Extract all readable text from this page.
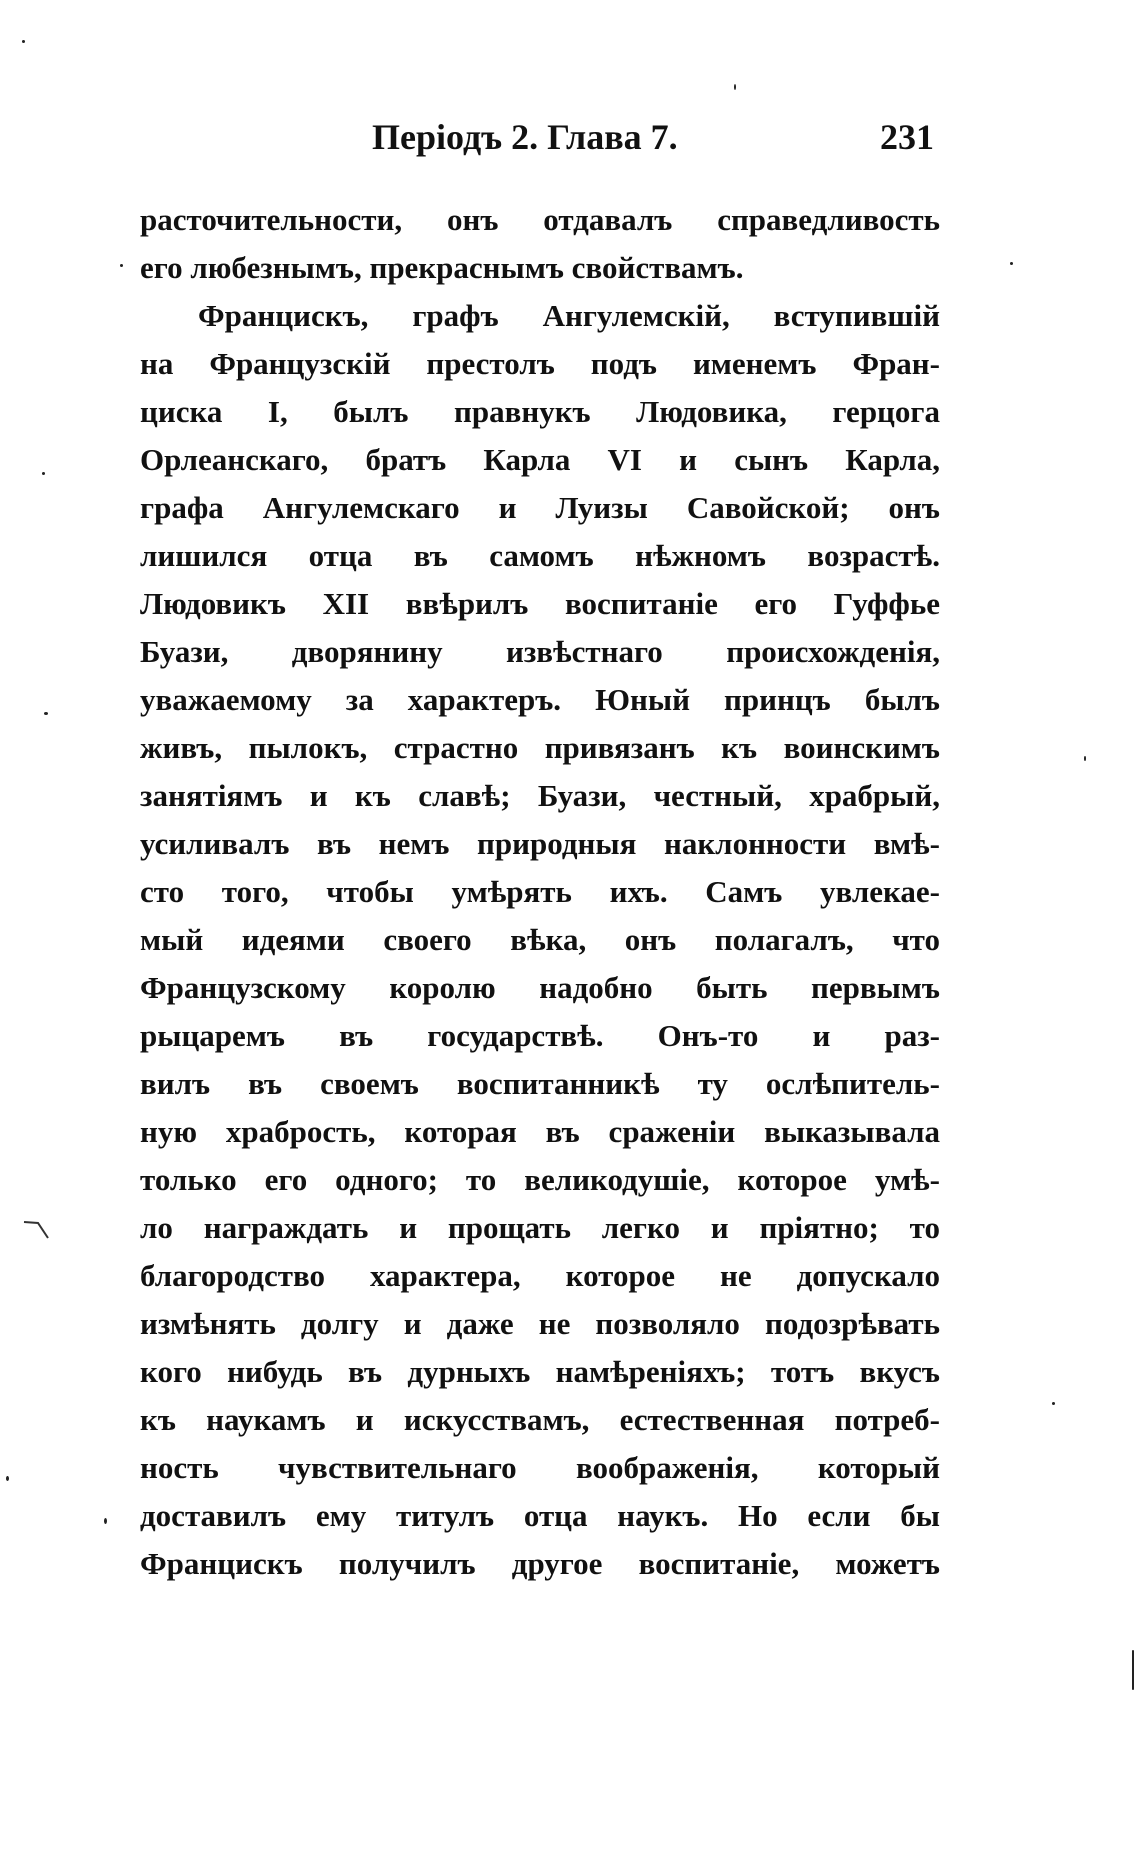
Періодъ 2. Глава 7.	231
расточительности, онъ отдавалъ справедливость
его любезнымъ, прекраснымъ свойствамъ.
Францискъ, графъ Ангулемскій, вступившій
на Французскій престолъ подъ именемъ Фран-
циска I, былъ правнукъ Людовика, герцога
Орлеанскаго, братъ Карла VI и сынъ Карла,
графа Ангулемскаго и Луизы Савойской; онъ
лишился отца въ самомъ нѣжномъ возрастѣ.
Людовикъ XII ввѣрилъ воспитаніе его Гуффье
Буази, дворянину извѣстнаго происхожденія,
уважаемому за характеръ. Юный принцъ былъ
живъ, пылокъ, страстно привязанъ къ воинскимъ
занятіямъ и къ славѣ; Буази, честный, храбрый,
усиливалъ въ немъ природныя наклонности вмѣ-
сто того, чтобы умѣрять ихъ. Самъ увлекае-
мый идеями своего вѣка, онъ полагалъ, что
Французскому королю надобно быть первымъ
рыцаремъ въ государствѣ. Онъ-то и раз-
вилъ въ своемъ воспитанникѣ ту ослѣпитель-
ную храбрость, которая въ сраженіи выказывала
только его одного; то великодушіе, которое умѣ-
ло награждать и прощать легко и пріятно; то
благородство характера, которое не допускало
измѣнять долгу и даже не позволяло подозрѣвать
кого нибудь въ дурныхъ намѣреніяхъ; тотъ вкусъ
къ наукамъ и искусствамъ, естественная потреб-
ность чувствительнаго воображенія, который
доставилъ ему титулъ отца наукъ. Но если бы
Францискъ получилъ другое воспитаніе, можетъ
